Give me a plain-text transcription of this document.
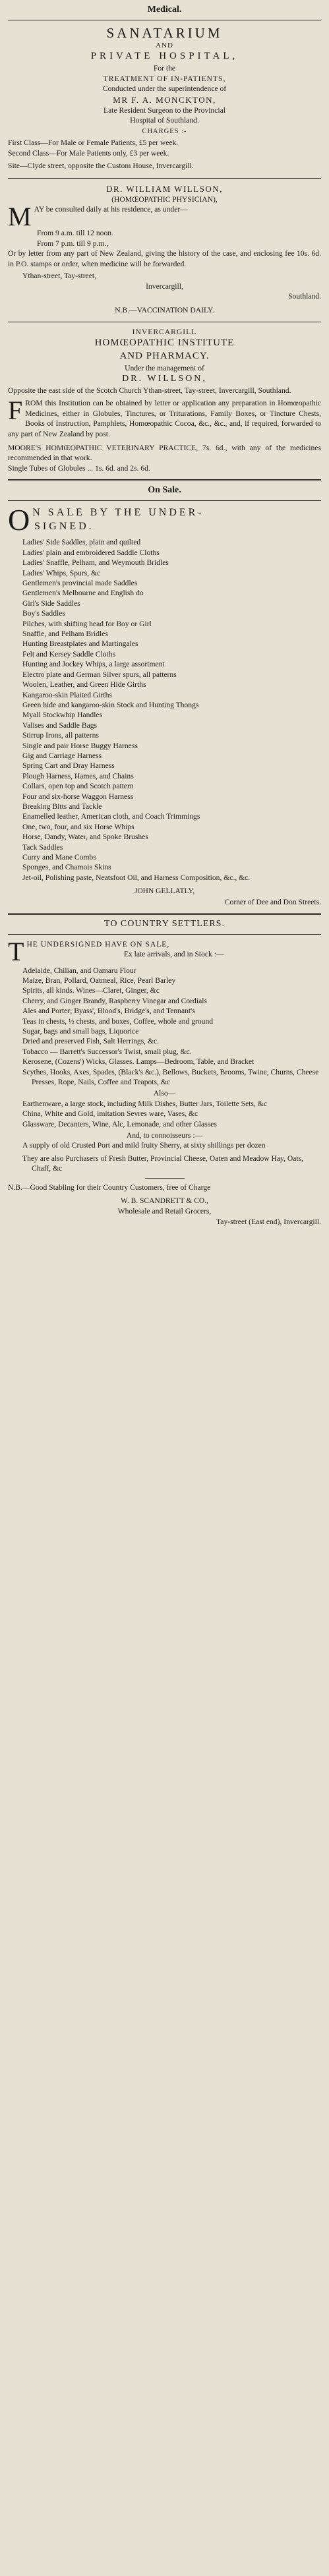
Medical.

SANATARIUM

AND

PRIVATE HOSPITAL,

For the

TREATMENT OF IN-PATIENTS,

Conducted under the superintendence of

MR F. A. MONCKTON,

Late Resident Surgeon to the Provincial

Hospital of Southland.

CHARGES :-

First Class—For Male or Female Patients, £5 per week.

Second Class—For Male Patients only, £3 per week.

Site—Clyde street, opposite the Custom House, Invercargill.

DR. WILLIAM WILLSON,

(HOMŒOPATHIC PHYSICIAN),

MAY be consulted daily at his residence, as under—

From 9 a.m. till 12 noon.

From 7 p.m. till 9 p.m.,

Or by letter from any part of New Zealand, giving the history of the case, and enclosing fee 10s. 6d. in P.O. stamps or order, when medicine will be forwarded.

Ythan-street, Tay-street,

Invercargill,

Southland.

N.B.—VACCINATION DAILY.

INVERCARGILL

HOMŒOPATHIC INSTITUTE

AND PHARMACY.

Under the management of

DR. WILLSON,

Opposite the east side of the Scotch Church Ythan-street, Tay-street, Invercargill, Southland.

FROM this Institution can be obtained by letter or application any preparation in Homœopathic Medicines, either in Globules, Tinctures, or Triturations, Family Boxes, or Tincture Chests, Books of Instruction, Pamphlets, Homœopathic Cocoa, &c., &c., and, if required, forwarded to any part of New Zealand by post.

MOORE'S HOMŒOPATHIC VETERINARY PRACTICE, 7s. 6d., with any of the medicines recommended in that work.

Single Tubes of Globules ... 1s. 6d. and 2s. 6d.

On Sale.

O N SALE BY THE UNDER-

SIGNED.

Ladies' Side Saddles, plain and quilted

Ladies' plain and embroidered Saddle Cloths

Ladies' Snaffle, Pelham, and Weymouth Bridles

Ladies' Whips, Spurs, &c

Gentlemen's provincial made Saddles

Gentlemen's Melbourne and English do

Girl's Side Saddles

Boy's Saddles

Pilches, with shifting head for Boy or Girl

Snaffle, and Pelham Bridles

Hunting Breastplates and Martingales

Felt and Kersey Saddle Cloths

Hunting and Jockey Whips, a large assortment

Electro plate and German Silver spurs, all patterns

Woolen, Leather, and Green Hide Girths

Kangaroo-skin Plaited Girths

Green hide and kangaroo-skin Stock and Hunting Thongs

Myall Stockwhip Handles

Valises and Saddle Bags

Stirrup Irons, all patterns

Single and pair Horse Buggy Harness

Gig and Carriage Harness

Spring Cart and Dray Harness

Plough Harness, Hames, and Chains

Collars, open top and Scotch pattern

Four and six-horse Waggon Harness

Breaking Bitts and Tackle

Enamelled leather, American cloth, and Coach Trimmings

One, two, four, and six Horse Whips

Horse, Dandy, Water, and Spoke Brushes

Tack Saddles

Curry and Mane Combs

Sponges, and Chamois Skins

Jet-oil, Polishing paste, Neatsfoot Oil, and Harness Composition, &c., &c.

JOHN GELLATLY,

Corner of Dee and Don Streets.

TO COUNTRY SETTLERS.

THE UNDERSIGNED HAVE ON SALE,

Ex late arrivals, and in Stock :—

Adelaide, Chilian, and Oamaru Flour

Maize, Bran, Pollard, Oatmeal, Rice, Pearl Barley

Spirits, all kinds. Wines—Claret, Ginger, &c

Cherry, and Ginger Brandy, Raspberry Vinegar and Cordials

Ales and Porter; Byass', Blood's, Bridge's, and Tennant's

Teas in chests, ½ chests, and boxes, Coffee, whole and ground

Sugar, bags and small bags, Liquorice

Dried and preserved Fish, Salt Herrings, &c.

Tobacco — Barrett's Successor's Twist, small plug, &c.

Kerosene, (Cozens') Wicks, Glasses. Lamps—Bedroom, Table, and Bracket

Scythes, Hooks, Axes, Spades, (Black's &c.), Bellows, Buckets, Brooms, Twine, Churns, Cheese Presses, Rope, Nails, Coffee and Teapots, &c

Also—

Earthenware, a large stock, including Milk Dishes, Butter Jars, Toilette Sets, &c

China, White and Gold, imitation Sevres ware, Vases, &c

Glassware, Decanters, Wine, Alc, Lemonade, and other Glasses

And, to connoisseurs :—

A supply of old Crusted Port and mild fruity Sherry, at sixty shillings per dozen

They are also Purchasers of Fresh Butter, Provincial Cheese, Oaten and Meadow Hay, Oats, Chaff, &c

N.B.—Good Stabling for their Country Customers, free of Charge

W. B. SCANDRETT & CO.,

Wholesale and Retail Grocers,

Tay-street (East end), Invercargill.
